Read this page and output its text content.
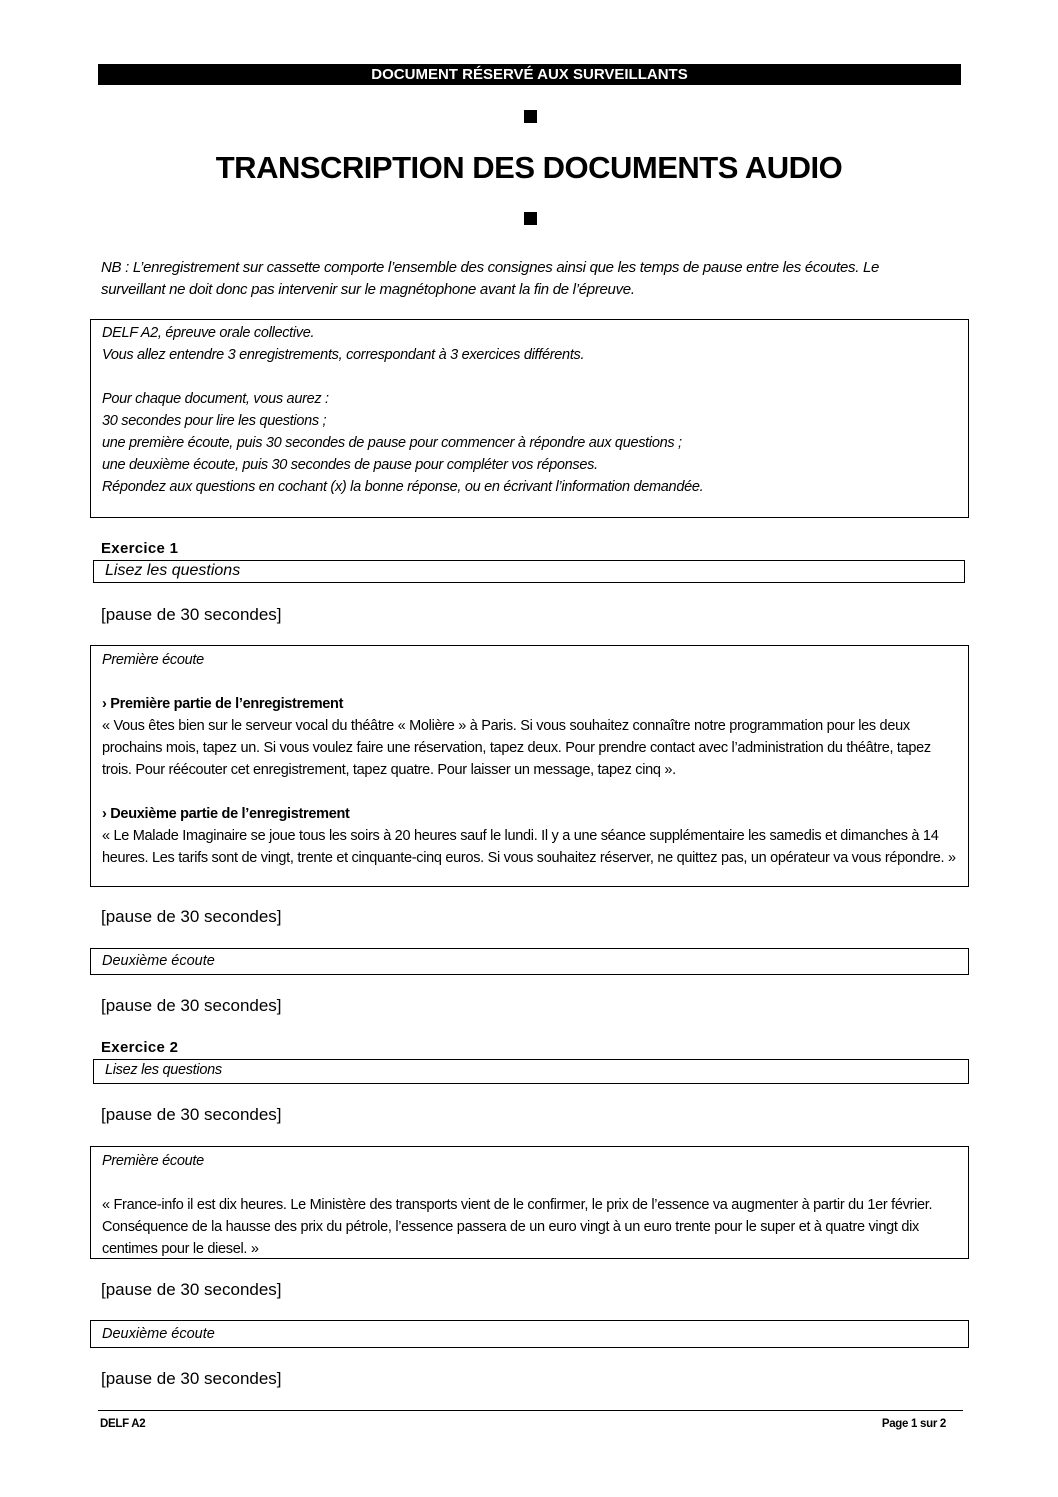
DOCUMENT RÉSERVÉ AUX SURVEILLANTS
TRANSCRIPTION DES DOCUMENTS AUDIO
NB : L’enregistrement sur cassette comporte l’ensemble des consignes ainsi que les temps de pause entre les écoutes. Le surveillant ne doit donc pas intervenir sur le magnétophone avant la fin de l’épreuve.

DELF A2, épreuve orale collective.

Vous allez entendre 3 enregistrements, correspondant à 3 exercices différents.

Pour chaque document, vous aurez :

30 secondes pour lire les questions ;

une première écoute, puis 30 secondes de pause pour commencer à répondre aux questions ;

une deuxième écoute, puis 30 secondes de pause pour compléter vos réponses.

Répondez aux questions en cochant (x) la bonne réponse, ou en écrivant l’information demandée.

Exercice 1
Lisez les questions
[pause de 30 secondes]

Première écoute

› Première partie de l’enregistrement

« Vous êtes bien sur le serveur vocal du théâtre « Molière » à Paris. Si vous souhaitez connaître notre programmation pour les deux prochains mois, tapez un. Si vous voulez faire une réservation, tapez deux. Pour prendre contact avec l’administration du théâtre, tapez trois. Pour réécouter cet enregistrement, tapez quatre. Pour laisser un message, tapez cinq ».

› Deuxième partie de l’enregistrement

« Le Malade Imaginaire se joue tous les soirs à 20 heures sauf le lundi. Il y a une séance supplémentaire les samedis et dimanches à 14 heures. Les tarifs sont de vingt, trente et cinquante-cinq euros. Si vous souhaitez réserver, ne quittez pas, un opérateur va vous répondre. »

[pause de 30 secondes]
Deuxième écoute
[pause de 30 secondes]
Exercice 2
Lisez les questions
[pause de 30 secondes]

Première écoute

« France-info il est dix heures. Le Ministère des transports vient de le confirmer, le prix de l’essence va augmenter à partir du 1er février. Conséquence de la hausse des prix du pétrole, l’essence passera de un euro vingt à un euro trente pour le super et à quatre vingt dix centimes pour le diesel. »

[pause de 30 secondes]
Deuxième écoute
[pause de 30 secondes]
DELF A2	Page 1 sur 2
